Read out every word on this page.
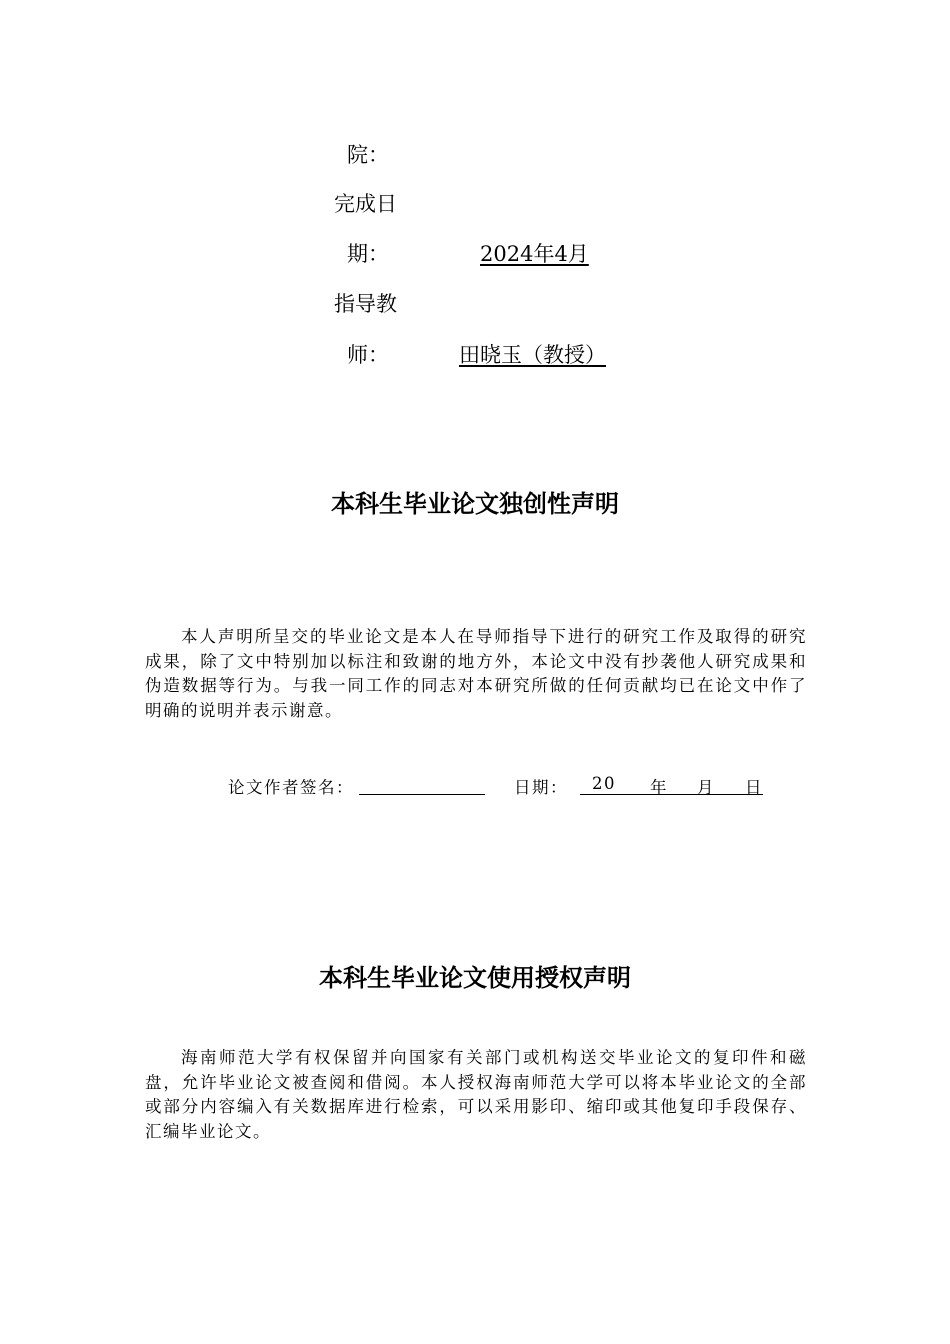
院：
完成日
期：	2024年4月
指导教
师：	田晓玉（教授）
本科生毕业论文独创性声明
本人声明所呈交的毕业论文是本人在导师指导下进行的研究工作及取得的研究成果，除了文中特别加以标注和致谢的地方外，本论文中没有抄袭他人研究成果和伪造数据等行为。与我一同工作的同志对本研究所做的任何贡献均已在论文中作了明确的说明并表示谢意。
论文作者签名：	日期： 20 年 月 日
本科生毕业论文使用授权声明
海南师范大学有权保留并向国家有关部门或机构送交毕业论文的复印件和磁盘，允许毕业论文被查阅和借阅。本人授权海南师范大学可以将本毕业论文的全部或部分内容编入有关数据库进行检索，可以采用影印、缩印或其他复印手段保存、汇编毕业论文。
